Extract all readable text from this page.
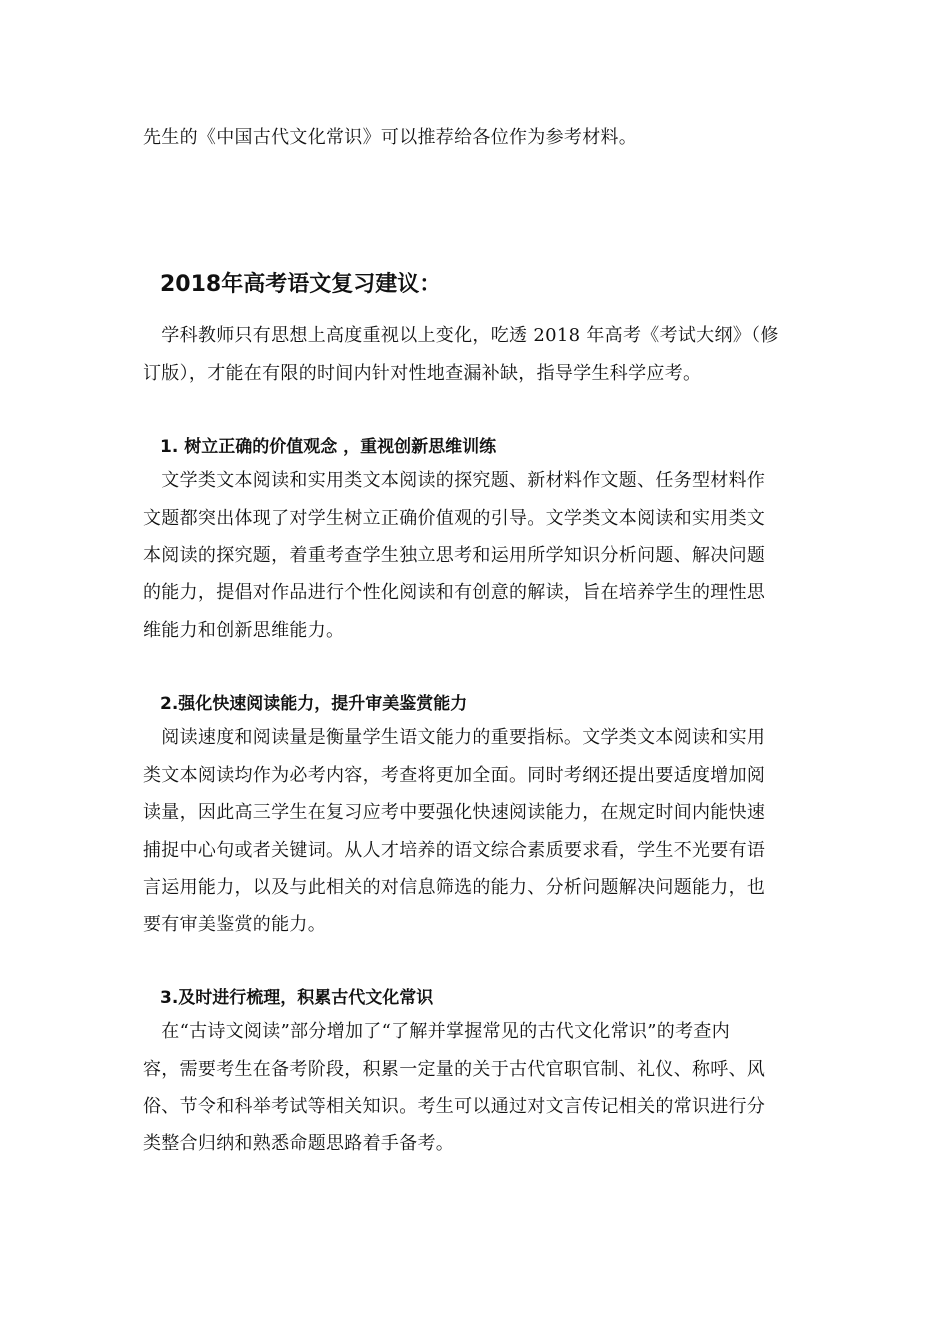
先生的《中国古代文化常识》可以推荐给各位作为参考材料。
2018年高考语文复习建议：
　学科教师只有思想上高度重视以上变化，吃透 2018 年高考《考试大纲》（修
订版），才能在有限的时间内针对性地查漏补缺，指导学生科学应考。
1. 树立正确的价值观念 ，重视创新思维训练
　文学类文本阅读和实用类文本阅读的探究题、新材料作文题、任务型材料作
文题都突出体现了对学生树立正确价值观的引导。文学类文本阅读和实用类文
本阅读的探究题，着重考查学生独立思考和运用所学知识分析问题、解决问题
的能力，提倡对作品进行个性化阅读和有创意的解读，旨在培养学生的理性思
维能力和创新思维能力。
2.强化快速阅读能力，提升审美鉴赏能力
　阅读速度和阅读量是衡量学生语文能力的重要指标。文学类文本阅读和实用
类文本阅读均作为必考内容，考查将更加全面。同时考纲还提出要适度增加阅
读量，因此高三学生在复习应考中要强化快速阅读能力，在规定时间内能快速
捕捉中心句或者关键词。从人才培养的语文综合素质要求看，学生不光要有语
言运用能力，以及与此相关的对信息筛选的能力、分析问题解决问题能力，也
要有审美鉴赏的能力。
3.及时进行梳理，积累古代文化常识
　在“古诗文阅读”部分增加了“了解并掌握常见的古代文化常识”的考查内
容，需要考生在备考阶段，积累一定量的关于古代官职官制、礼仪、称呼、风
俗、节令和科举考试等相关知识。考生可以通过对文言传记相关的常识进行分
类整合归纳和熟悉命题思路着手备考。
